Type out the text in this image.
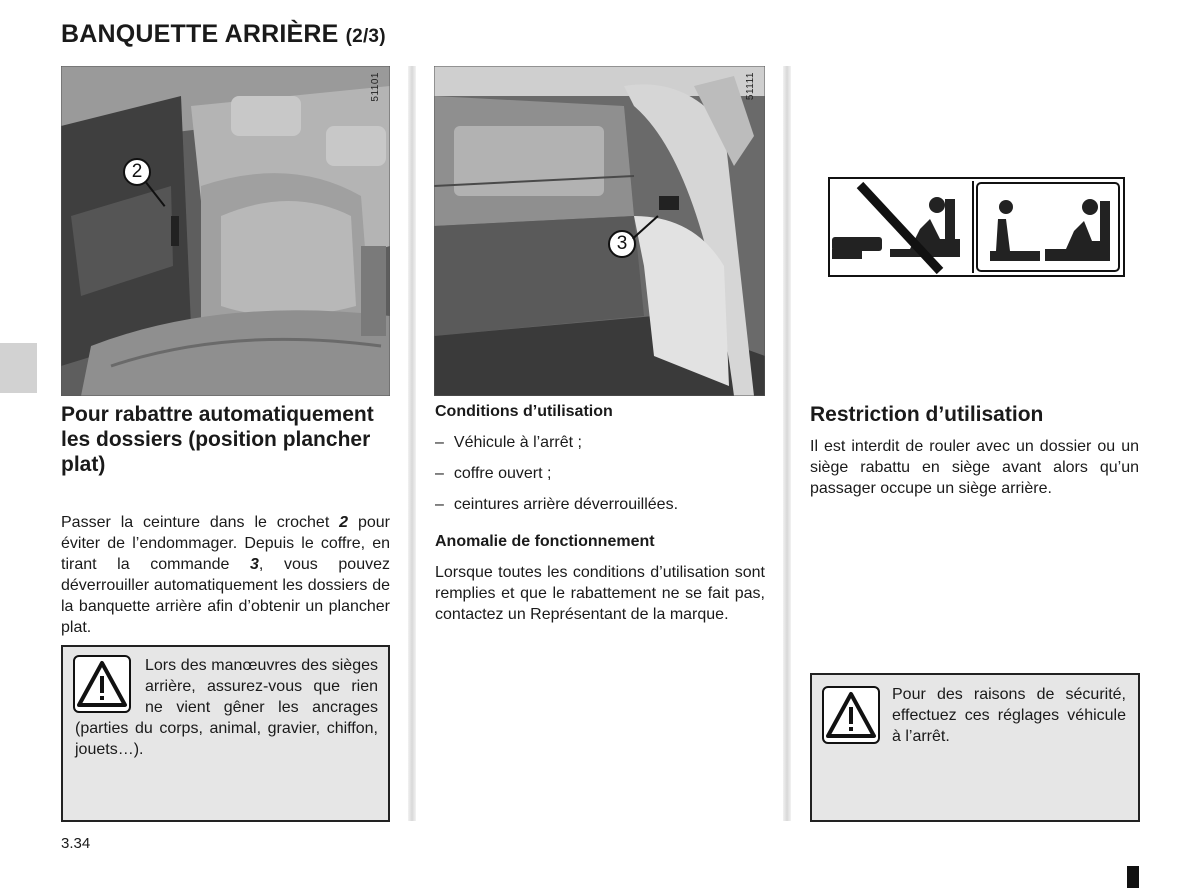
BANQUETTE ARRIÈRE (2/3)
51101
2
51111
3
Pour rabattre automatiquement les dossiers (position plancher plat)

Passer la ceinture dans le crochet 2 pour éviter de l’endommager. Depuis le coffre, en tirant la commande 3, vous pouvez déverrouiller automatiquement les dossiers de la banquette arrière afin d’obtenir un plancher plat.

Lors des manœuvres des sièges arrière, assurez-vous que rien ne vient gêner les ancrages (parties du corps, animal, gravier, chiffon, jouets…).

Conditions d’utilisation

– Véhicule à l’arrêt ;
– coffre ouvert ;
– ceintures arrière déverrouillées.

Anomalie de fonctionnement

Lorsque toutes les conditions d’utilisation sont remplies et que le rabattement ne se fait pas, contactez un Représentant de la marque.

Restriction d’utilisation

Il est interdit de rouler avec un dossier ou un siège rabattu en siège avant alors qu’un passager occupe un siège arrière.

Pour des raisons de sécurité, effectuez ces réglages véhicule à l’arrêt.

3.34
